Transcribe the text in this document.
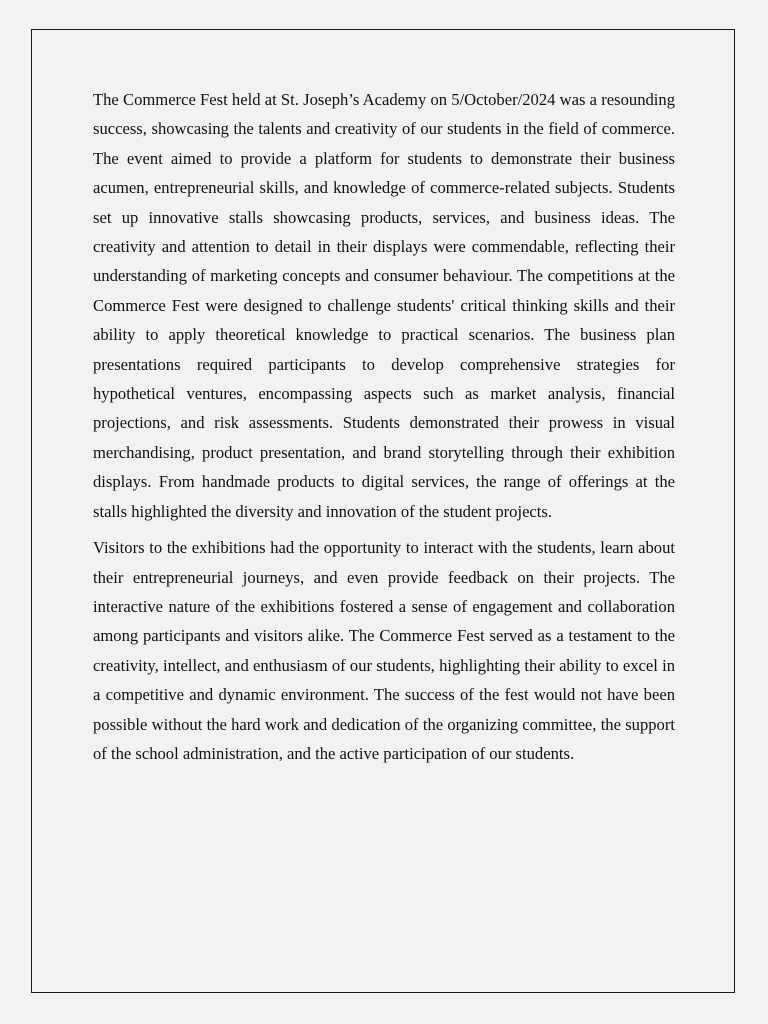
The Commerce Fest held at St. Joseph’s Academy on 5/October/2024 was a resounding success, showcasing the talents and creativity of our students in the field of commerce. The event aimed to provide a platform for students to demonstrate their business acumen, entrepreneurial skills, and knowledge of commerce-related subjects. Students set up innovative stalls showcasing products, services, and business ideas. The creativity and attention to detail in their displays were commendable, reflecting their understanding of marketing concepts and consumer behaviour. The competitions at the Commerce Fest were designed to challenge students' critical thinking skills and their ability to apply theoretical knowledge to practical scenarios. The business plan presentations required participants to develop comprehensive strategies for hypothetical ventures, encompassing aspects such as market analysis, financial projections, and risk assessments. Students demonstrated their prowess in visual merchandising, product presentation, and brand storytelling through their exhibition displays. From handmade products to digital services, the range of offerings at the stalls highlighted the diversity and innovation of the student projects.

Visitors to the exhibitions had the opportunity to interact with the students, learn about their entrepreneurial journeys, and even provide feedback on their projects. The interactive nature of the exhibitions fostered a sense of engagement and collaboration among participants and visitors alike. The Commerce Fest served as a testament to the creativity, intellect, and enthusiasm of our students, highlighting their ability to excel in a competitive and dynamic environment. The success of the fest would not have been possible without the hard work and dedication of the organizing committee, the support of the school administration, and the active participation of our students.
